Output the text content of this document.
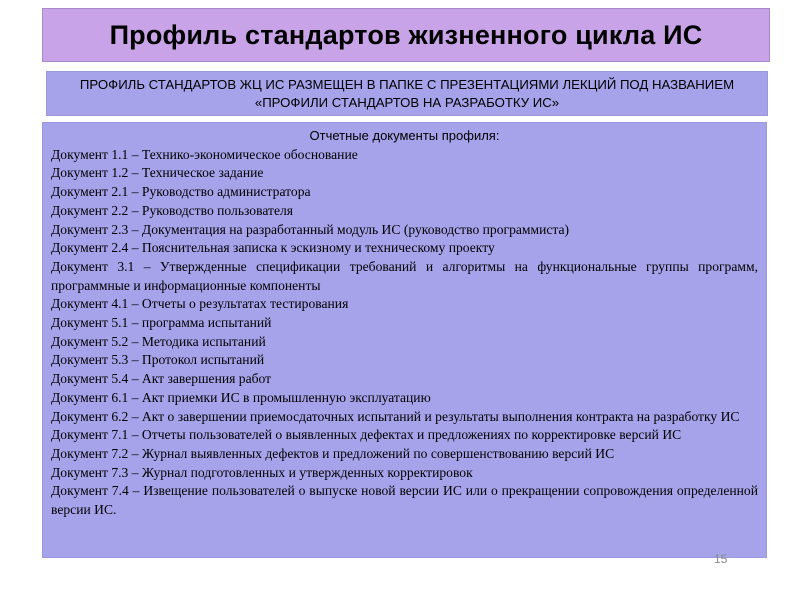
Профиль стандартов жизненного цикла ИС

ПРОФИЛЬ СТАНДАРТОВ ЖЦ ИС РАЗМЕЩЕН В ПАПКЕ С ПРЕЗЕНТАЦИЯМИ ЛЕКЦИЙ ПОД НАЗВАНИЕМ «ПРОФИЛИ СТАНДАРТОВ НА РАЗРАБОТКУ ИС»

Отчетные документы профиля:
Документ 1.1 – Технико-экономическое обоснование
Документ 1.2 – Техническое задание
Документ 2.1 – Руководство администратора
Документ 2.2 – Руководство пользователя
Документ 2.3 – Документация на разработанный модуль ИС (руководство программиста)
Документ 2.4 – Пояснительная записка к эскизному и техническому проекту
Документ 3.1 – Утвержденные спецификации требований и алгоритмы на функциональные группы программ, программные и информационные компоненты
Документ 4.1 – Отчеты о результатах тестирования
Документ 5.1 – программа испытаний
Документ 5.2 – Методика испытаний
Документ 5.3 – Протокол испытаний
Документ 5.4 – Акт завершения работ
Документ 6.1 – Акт приемки ИС в промышленную эксплуатацию
Документ 6.2 – Акт о завершении приемосдаточных испытаний и результаты выполнения контракта на разработку ИС
Документ 7.1 – Отчеты пользователей о выявленных дефектах и предложениях по корректировке версий ИС
Документ 7.2 – Журнал выявленных дефектов и предложений по совершенствованию версий ИС
Документ 7.3 – Журнал подготовленных и утвержденных корректировок
Документ 7.4 – Извещение пользователей о выпуске новой версии ИС или о прекращении сопровождения определенной версии ИС.
15
